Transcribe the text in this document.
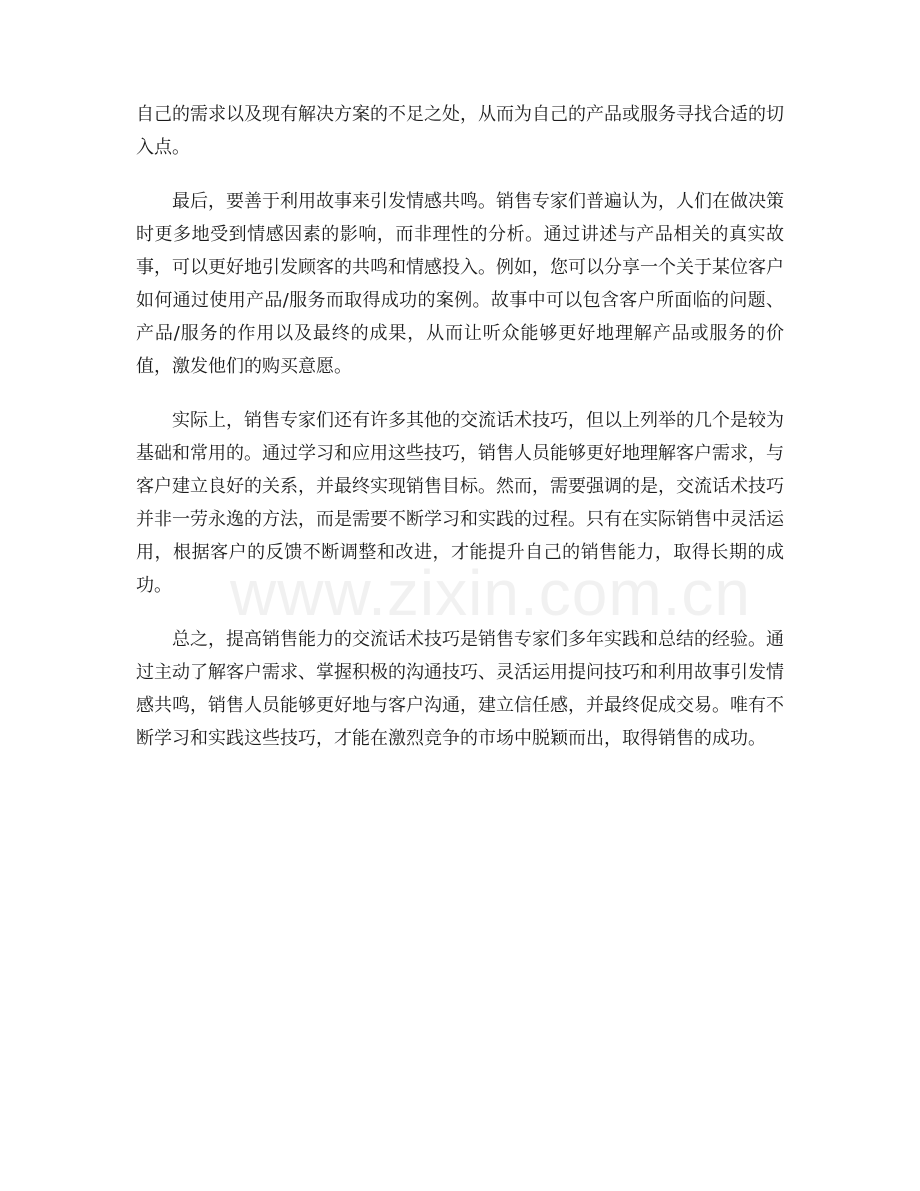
自己的需求以及现有解决方案的不足之处，从而为自己的产品或服务寻找合适的切入点。

最后，要善于利用故事来引发情感共鸣。销售专家们普遍认为，人们在做决策时更多地受到情感因素的影响，而非理性的分析。通过讲述与产品相关的真实故事，可以更好地引发顾客的共鸣和情感投入。例如，您可以分享一个关于某位客户如何通过使用产品/服务而取得成功的案例。故事中可以包含客户所面临的问题、产品/服务的作用以及最终的成果，从而让听众能够更好地理解产品或服务的价值，激发他们的购买意愿。

实际上，销售专家们还有许多其他的交流话术技巧，但以上列举的几个是较为基础和常用的。通过学习和应用这些技巧，销售人员能够更好地理解客户需求，与客户建立良好的关系，并最终实现销售目标。然而，需要强调的是，交流话术技巧并非一劳永逸的方法，而是需要不断学习和实践的过程。只有在实际销售中灵活运用，根据客户的反馈不断调整和改进，才能提升自己的销售能力，取得长期的成功。

总之，提高销售能力的交流话术技巧是销售专家们多年实践和总结的经验。通过主动了解客户需求、掌握积极的沟通技巧、灵活运用提问技巧和利用故事引发情感共鸣，销售人员能够更好地与客户沟通，建立信任感，并最终促成交易。唯有不断学习和实践这些技巧，才能在激烈竞争的市场中脱颖而出，取得销售的成功。

www.zixin.com.cn
